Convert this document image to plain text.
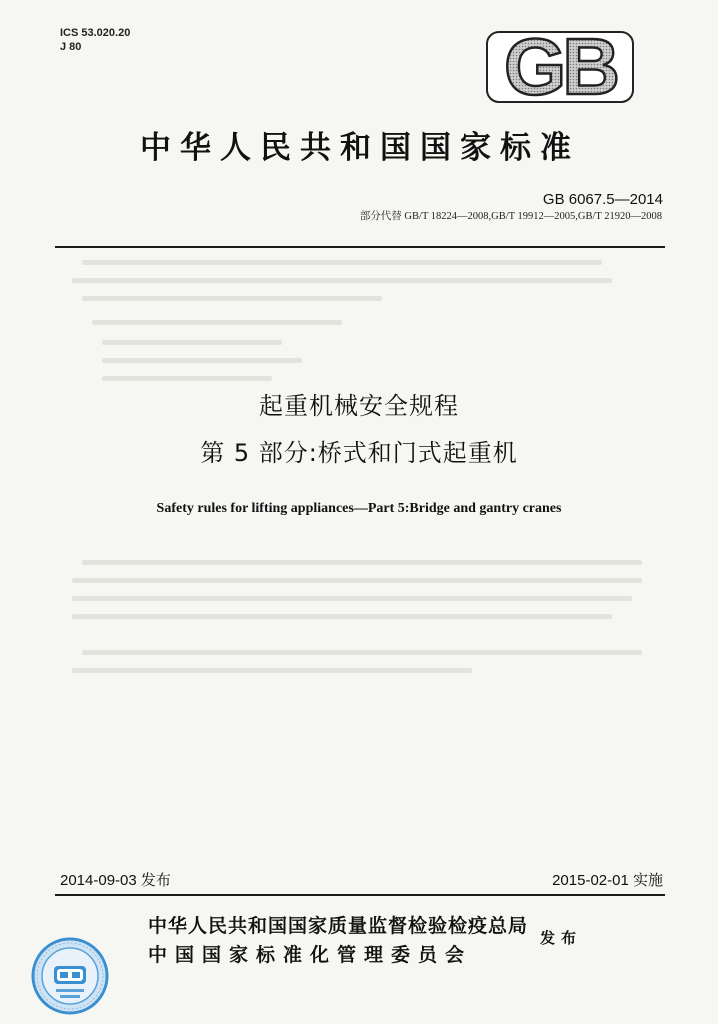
ICS 53.020.20
J 80	GB
中华人民共和国国家标准
GB 6067.5—2014
部分代替 GB/T 18224—2008,GB/T 19912—2005,GB/T 21920—2008
起重机械安全规程
第 5 部分:桥式和门式起重机
Safety rules for lifting appliances—Part 5:Bridge and gantry cranes
2014-09-03 发布	2015-02-01 实施
中华人民共和国国家质量监督检验检疫总局
中国国家标准化管理委员会
发布
